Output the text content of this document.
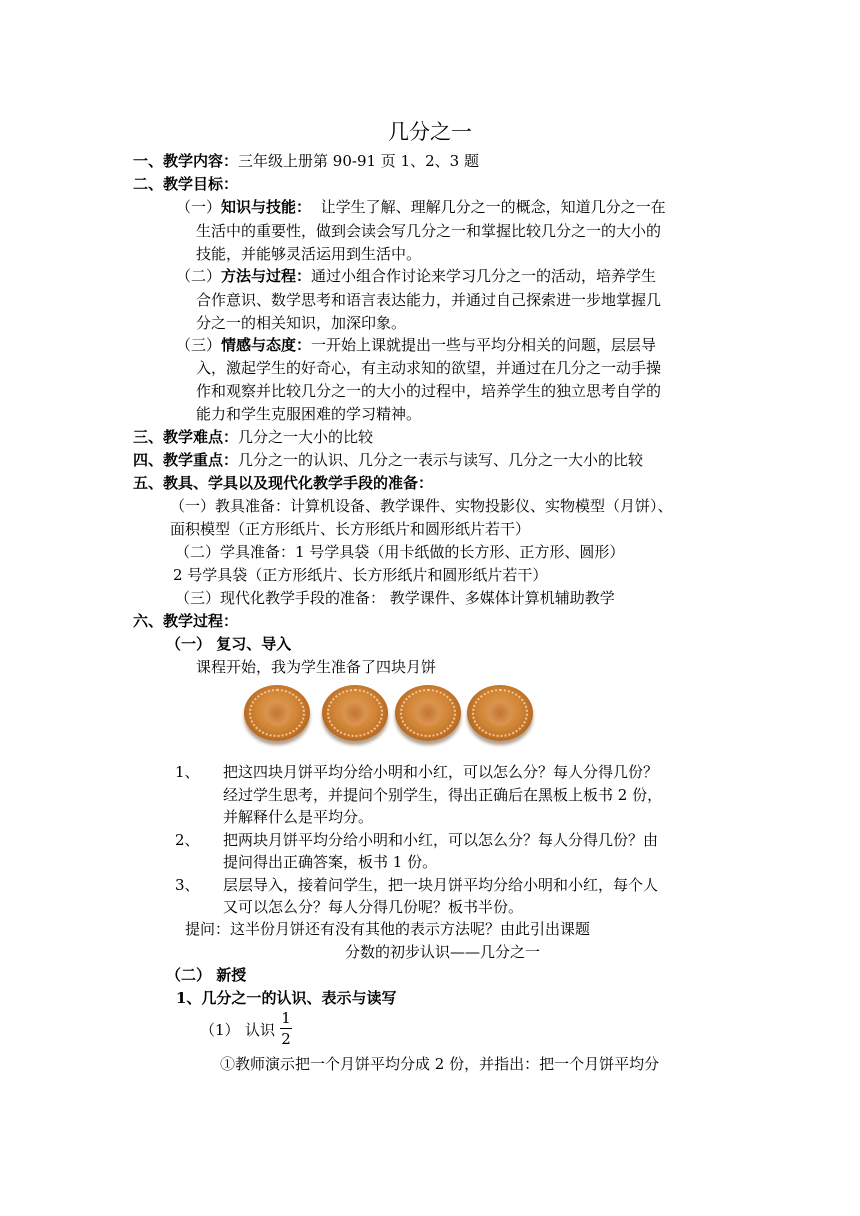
几分之一
一、教学内容：三年级上册第 90-91 页 1、2、3 题
二、教学目标：
（一）知识与技能： 让学生了解、理解几分之一的概念，知道几分之一在
生活中的重要性，做到会读会写几分之一和掌握比较几分之一的大小的
技能，并能够灵活运用到生活中。
（二）方法与过程：通过小组合作讨论来学习几分之一的活动，培养学生
合作意识、数学思考和语言表达能力，并通过自己探索进一步地掌握几
分之一的相关知识，加深印象。
（三）情感与态度：一开始上课就提出一些与平均分相关的问题，层层导
入，激起学生的好奇心，有主动求知的欲望，并通过在几分之一动手操
作和观察并比较几分之一的大小的过程中，培养学生的独立思考自学的
能力和学生克服困难的学习精神。
三、教学难点：几分之一大小的比较
四、教学重点：几分之一的认识、几分之一表示与读写、几分之一大小的比较
五、教具、学具以及现代化教学手段的准备：
（一）教具准备：计算机设备、教学课件、实物投影仪、实物模型（月饼）、
面积模型（正方形纸片、长方形纸片和圆形纸片若干）
（二）学具准备：1 号学具袋（用卡纸做的长方形、正方形、圆形）
2 号学具袋（正方形纸片、长方形纸片和圆形纸片若干）
（三）现代化教学手段的准备： 教学课件、多媒体计算机辅助教学
六、教学过程：
（一） 复习、导入
课程开始，我为学生准备了四块月饼
1、 把这四块月饼平均分给小明和小红，可以怎么分？每人分得几份？
经过学生思考，并提问个别学生，得出正确后在黑板上板书 2 份，
并解释什么是平均分。
2、 把两块月饼平均分给小明和小红，可以怎么分？每人分得几份？由
提问得出正确答案，板书 1 份。
3、 层层导入，接着问学生，把一块月饼平均分给小明和小红，每个人
又可以怎么分？每人分得几份呢？板书半份。
提问：这半份月饼还有没有其他的表示方法呢？由此引出课题
分数的初步认识——几分之一
（二） 新授
1、几分之一的认识、表示与读写
（1） 认识
1
2
①教师演示把一个月饼平均分成 2 份，并指出：把一个月饼平均分
